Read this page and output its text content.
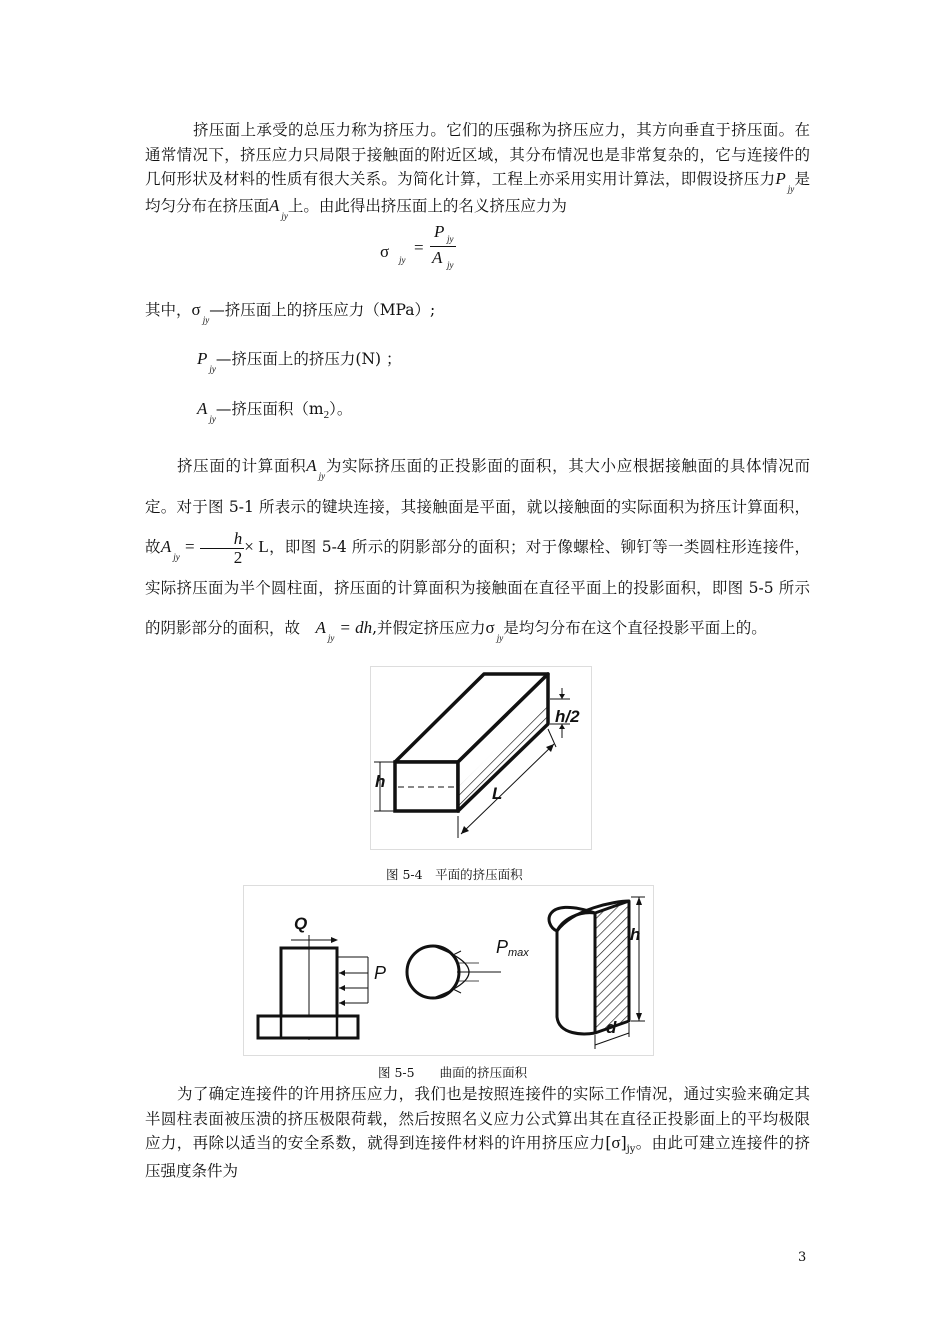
挤压面上承受的总压力称为挤压力。它们的压强称为挤压应力，其方向垂直于挤压面。在通常情况下，挤压应力只局限于接触面的附近区域，其分布情况也是非常复杂的，它与连接件的几何形状及材料的性质有很大关系。为简化计算，工程上亦采用实用计算法，即假设挤压力$P_{jy}$是均匀分布在挤压面$A_{jy}$上。由此得出挤压面上的名义挤压应力为

σ jy
=
P jy
A jy
其中，$\sigma_{jy}—$挤压面上的挤压应力（MPa）;
$P_{jy}—$挤压面上的挤压力(N) ；
$A_{jy}—$挤压面积$(m_2)$。

挤压面的计算面积$A_{jy}$为实际挤压面的正投影面的面积，其大小应根据接触面的具体情况而定。对于图 5-1 所表示的键块连接，其接触面是平面，就以接触面的实际面积为挤压计算面积，故$A_{jy} = \frac{h}{2} \times L$，即图 5-4 所示的阴影部分的面积；对于像螺栓、铆钉等一类圆柱形连接件，实际挤压面为半个圆柱面，挤压面的计算面积为接触面在直径平面上的投影面积，即图 5-5 所示的阴影部分的面积，故　 $A_{jy}$ = dh,并假定挤压应力$\sigma_{jy}$是均匀分布在这个直径投影平面上的。

h
h/2
L
图 5-4　平面的挤压面积
Q
P
Pmax
h
d
图 5-5　　曲面的挤压面积

为了确定连接件的许用挤压应力，我们也是按照连接件的实际工作情况，通过实验来确定其半圆柱表面被压溃的挤压极限荷载，然后按照名义应力公式算出其在直径正投影面上的平均极限应力，再除以适当的安全系数，就得到连接件材料的许用挤压应力$[\sigma]_{jy}$。由此可建立连接件的挤压强度条件为

3
